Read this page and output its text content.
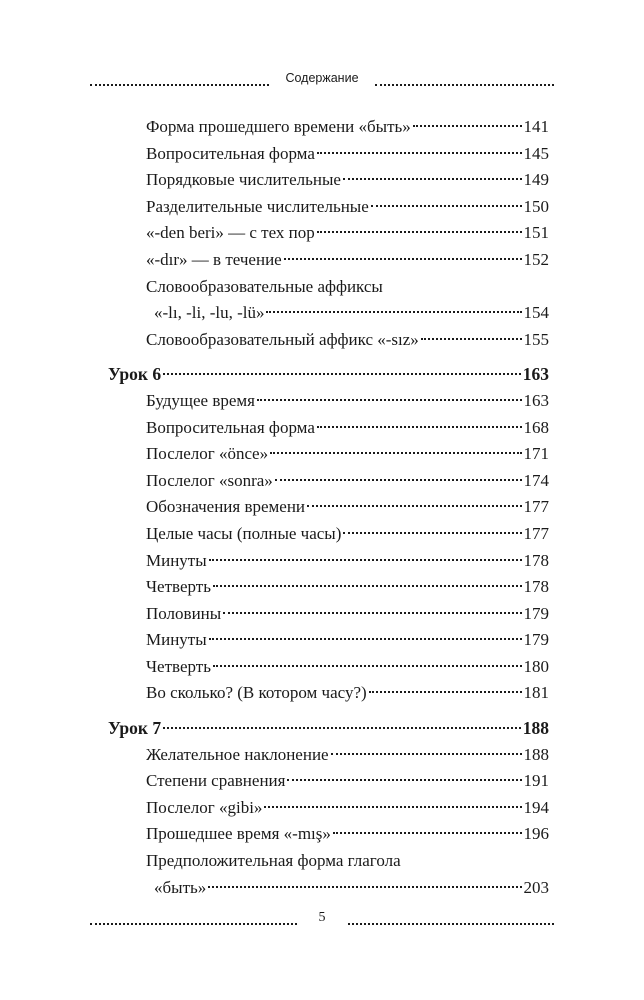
Содержание
Форма прошедшего времени «быть»	141
Вопросительная форма	145
Порядковые числительные	149
Разделительные числительные	150
«-den beri» — с тех пор	151
«-dır» — в течение	152
Словообразовательные аффиксы
«-lı, -li, -lu, -lü»	154
Словообразовательный аффикс «-sız»	155
Урок 6	163
Будущее время	163
Вопросительная форма	168
Послелог «önce»	171
Послелог «sonra»	174
Обозначения времени	177
Целые часы (полные часы)	177
Минуты	178
Четверть	178
Половины	179
Минуты	179
Четверть	180
Во сколько? (В котором часу?)	181
Урок 7	188
Желательное наклонение	188
Степени сравнения	191
Послелог «gibi»	194
Прошедшее время «-mış»	196
Предположительная форма глагола
«быть»	203
5
